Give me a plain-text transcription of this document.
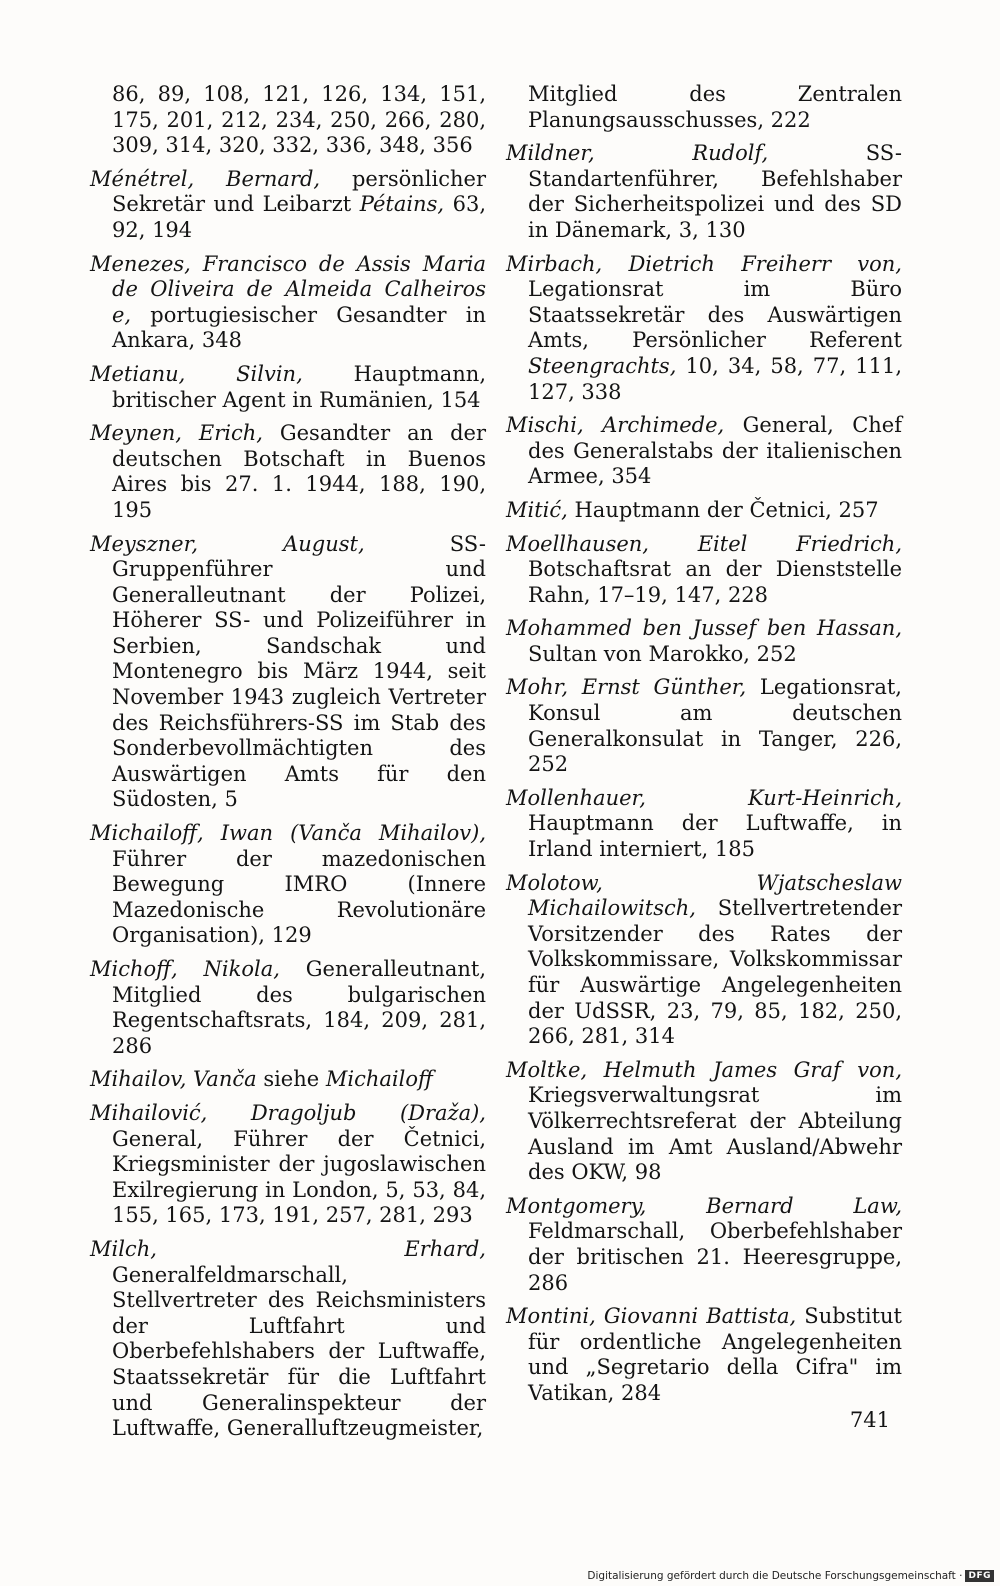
86, 89, 108, 121, 126, 134, 151, 175, 201, 212, 234, 250, 266, 280, 309, 314, 320, 332, 336, 348, 356

Ménétrel, Bernard, persönlicher Sekretär und Leibarzt Pétains, 63, 92, 194

Menezes, Francisco de Assis Maria de Oliveira de Almeida Calheiros e, portugiesischer Gesandter in Ankara, 348

Metianu, Silvin, Hauptmann, britischer Agent in Rumänien, 154

Meynen, Erich, Gesandter an der deutschen Botschaft in Buenos Aires bis 27. 1. 1944, 188, 190, 195

Meyszner, August, SS-Gruppenführer und Generalleutnant der Polizei, Höherer SS- und Polizeiführer in Serbien, Sandschak und Montenegro bis März 1944, seit November 1943 zugleich Vertreter des Reichsführers-SS im Stab des Sonderbevollmächtigten des Auswärtigen Amts für den Südosten, 5

Michailoff, Iwan (Vanča Mihailov), Führer der mazedonischen Bewegung IMRO (Innere Mazedonische Revolutionäre Organisation), 129

Michoff, Nikola, Generalleutnant, Mitglied des bulgarischen Regentschaftsrats, 184, 209, 281, 286

Mihailov, Vanča siehe Michailoff

Mihailović, Dragoljub (Draža), General, Führer der Četnici, Kriegsminister der jugoslawischen Exilregierung in London, 5, 53, 84, 155, 165, 173, 191, 257, 281, 293

Milch, Erhard, Generalfeldmarschall, Stellvertreter des Reichsministers der Luftfahrt und Oberbefehlshabers der Luftwaffe, Staatssekretär für die Luftfahrt und Generalinspekteur der Luftwaffe, Generalluftzeugmeister,

Mitglied des Zentralen Planungsausschusses, 222

Mildner, Rudolf, SS-Standartenführer, Befehlshaber der Sicherheitspolizei und des SD in Dänemark, 3, 130

Mirbach, Dietrich Freiherr von, Legationsrat im Büro Staatssekretär des Auswärtigen Amts, Persönlicher Referent Steengrachts, 10, 34, 58, 77, 111, 127, 338

Mischi, Archimede, General, Chef des Generalstabs der italienischen Armee, 354

Mitić, Hauptmann der Četnici, 257

Moellhausen, Eitel Friedrich, Botschaftsrat an der Dienststelle Rahn, 17–19, 147, 228

Mohammed ben Jussef ben Hassan, Sultan von Marokko, 252

Mohr, Ernst Günther, Legationsrat, Konsul am deutschen Generalkonsulat in Tanger, 226, 252

Mollenhauer, Kurt-Heinrich, Hauptmann der Luftwaffe, in Irland interniert, 185

Molotow, Wjatscheslaw Michailowitsch, Stellvertretender Vorsitzender des Rates der Volkskommissare, Volkskommissar für Auswärtige Angelegenheiten der UdSSR, 23, 79, 85, 182, 250, 266, 281, 314

Moltke, Helmuth James Graf von, Kriegsverwaltungsrat im Völkerrechtsreferat der Abteilung Ausland im Amt Ausland/Abwehr des OKW, 98

Montgomery, Bernard Law, Feldmarschall, Oberbefehlshaber der britischen 21. Heeresgruppe, 286

Montini, Giovanni Battista, Substitut für ordentliche Angelegenheiten und „Segretario della Cifra" im Vatikan, 284

741
Digitalisierung gefördert durch die Deutsche Forschungsgemeinschaft · DFG
